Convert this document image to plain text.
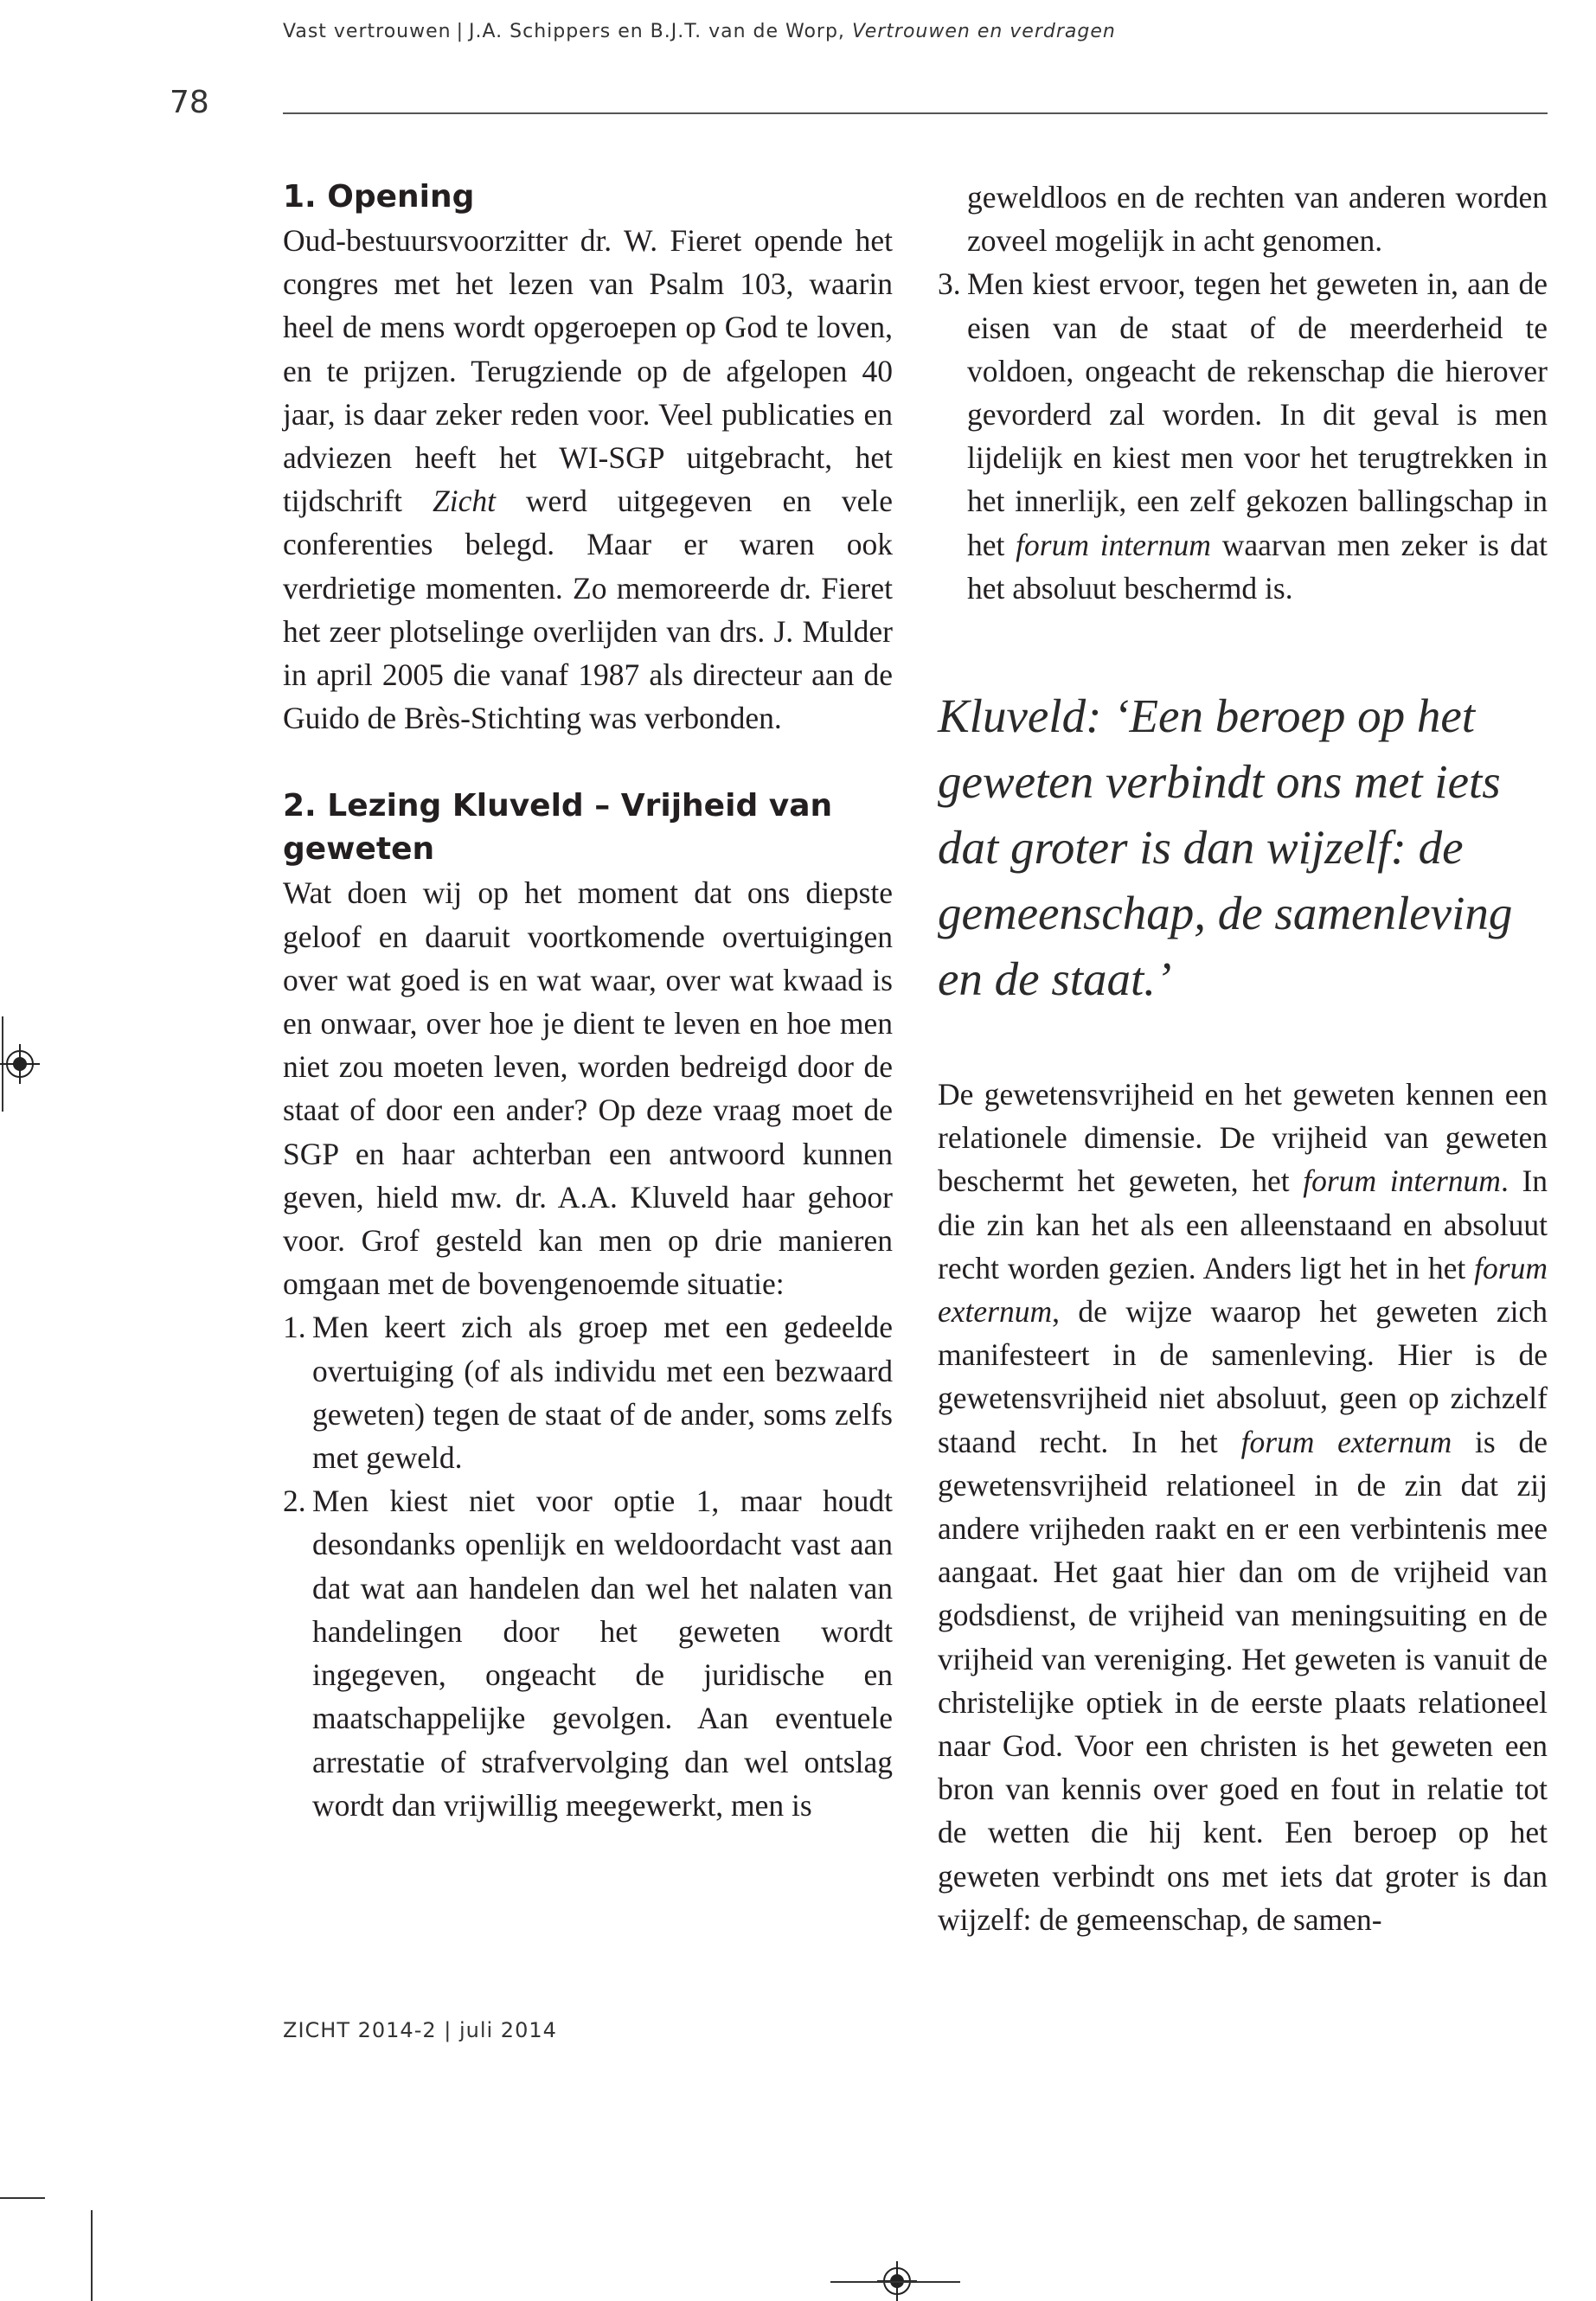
Vast vertrouwen | J.A. Schippers en B.J.T. van de Worp, Vertrouwen en verdragen
78
1. Opening

Oud-bestuursvoorzitter dr. W. Fieret opende het congres met het lezen van Psalm 103, waarin heel de mens wordt opgeroepen op God te loven, en te prijzen. Terugziende op de afgelopen 40 jaar, is daar zeker reden voor. Veel publicaties en adviezen heeft het WI-SGP uitgebracht, het tijdschrift Zicht werd uitgegeven en vele conferenties belegd. Maar er waren ook verdrietige momenten. Zo memoreerde dr. Fieret het zeer plotselinge overlijden van drs. J. Mulder in april 2005 die vanaf 1987 als directeur aan de Guido de Brès-Stichting was verbonden.

2. Lezing Kluveld – Vrijheid van geweten

Wat doen wij op het moment dat ons diepste geloof en daaruit voortkomende overtuigingen over wat goed is en wat waar, over wat kwaad is en onwaar, over hoe je dient te leven en hoe men niet zou moeten leven, worden bedreigd door de staat of door een ander? Op deze vraag moet de SGP en haar achterban een antwoord kunnen geven, hield mw. dr. A.A. Kluveld haar gehoor voor. Grof gesteld kan men op drie manieren omgaan met de bovengenoemde situatie:

1. Men keert zich als groep met een gedeelde overtuiging (of als individu met een bezwaard geweten) tegen de staat of de ander, soms zelfs met geweld.
2. Men kiest niet voor optie 1, maar houdt desondanks openlijk en weldoordacht vast aan dat wat aan handelen dan wel het nalaten van handelingen door het geweten wordt ingegeven, ongeacht de juridische en maatschappelijke gevolgen. Aan eventuele arrestatie of strafvervolging dan wel ontslag wordt dan vrijwillig meegewerkt, men is
geweldloos en de rechten van anderen worden zoveel mogelijk in acht genomen.
3. Men kiest ervoor, tegen het geweten in, aan de eisen van de staat of de meerderheid te voldoen, ongeacht de rekenschap die hierover gevorderd zal worden. In dit geval is men lijdelijk en kiest men voor het terugtrekken in het innerlijk, een zelf gekozen ballingschap in het forum internum waarvan men zeker is dat het absoluut beschermd is.
Kluveld: ‘Een beroep op het geweten verbindt ons met iets dat groter is dan wijzelf: de gemeenschap, de samenleving en de staat.’

De gewetensvrijheid en het geweten kennen een relationele dimensie. De vrijheid van geweten beschermt het geweten, het forum internum. In die zin kan het als een alleenstaand en absoluut recht worden gezien. Anders ligt het in het forum externum, de wijze waarop het geweten zich manifesteert in de samenleving. Hier is de gewetensvrijheid niet absoluut, geen op zichzelf staand recht. In het forum externum is de gewetensvrijheid relationeel in de zin dat zij andere vrijheden raakt en er een verbintenis mee aangaat. Het gaat hier dan om de vrijheid van godsdienst, de vrijheid van meningsuiting en de vrijheid van vereniging. Het geweten is vanuit de christelijke optiek in de eerste plaats relationeel naar God. Voor een christen is het geweten een bron van kennis over goed en fout in relatie tot de wetten die hij kent. Een beroep op het geweten verbindt ons met iets dat groter is dan wijzelf: de gemeenschap, de samen-

ZICHT 2014-2 | juli 2014
